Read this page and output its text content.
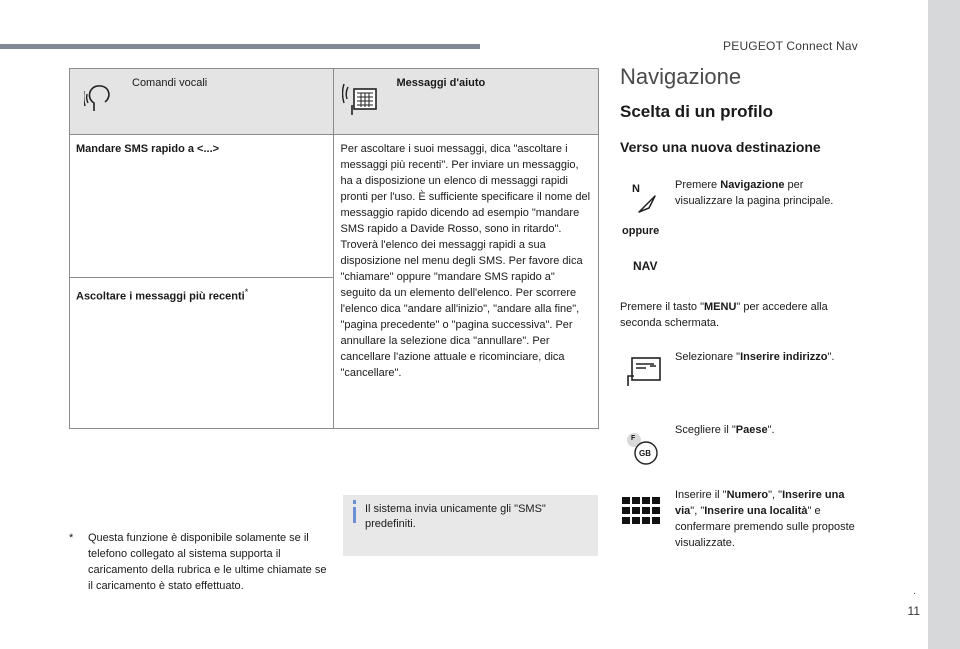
PEUGEOT Connect Nav
.
11
Comandi vocali	Messaggi d'aiuto

Mandare SMS rapido a <...>	Per ascoltare i suoi messaggi, dica "ascoltare i messaggi più recenti". Per inviare un messaggio, ha a disposizione un elenco di messaggi rapidi pronti per l'uso. È sufficiente specificare il nome del messaggio rapido dicendo ad esempio "mandare SMS rapido a Davide Rosso, sono in ritardo". Troverà l'elenco dei messaggi rapidi a sua disposizione nel menu degli SMS. Per favore dica "chiamare" oppure "mandare SMS rapido a" seguito da un elemento dell'elenco. Per scorrere l'elenco dica "andare all'inizio", "andare alla fine", "pagina precedente" o "pagina successiva". Per annullare la selezione dica "annullare". Per cancellare l'azione attuale e ricominciare, dica "cancellare".
Ascoltare i messaggi più recenti*
* Questa funzione è disponibile solamente se il telefono collegato al sistema supporta il caricamento della rubrica e le ultime chiamate se il caricamento è stato effettuato.
Il sistema invia unicamente gli "SMS" predefiniti.
Navigazione
Scelta di un profilo
Verso una nuova destinazione
N	Premere Navigazione per visualizzare la pagina principale.
oppure
NAV
Premere il tasto "MENU" per accedere alla seconda schermata.
Selezionare "Inserire indirizzo".
F
GB
Scegliere il "Paese".
Inserire il "Numero", "Inserire una via", "Inserire una località" e confermare premendo sulle proposte visualizzate.
